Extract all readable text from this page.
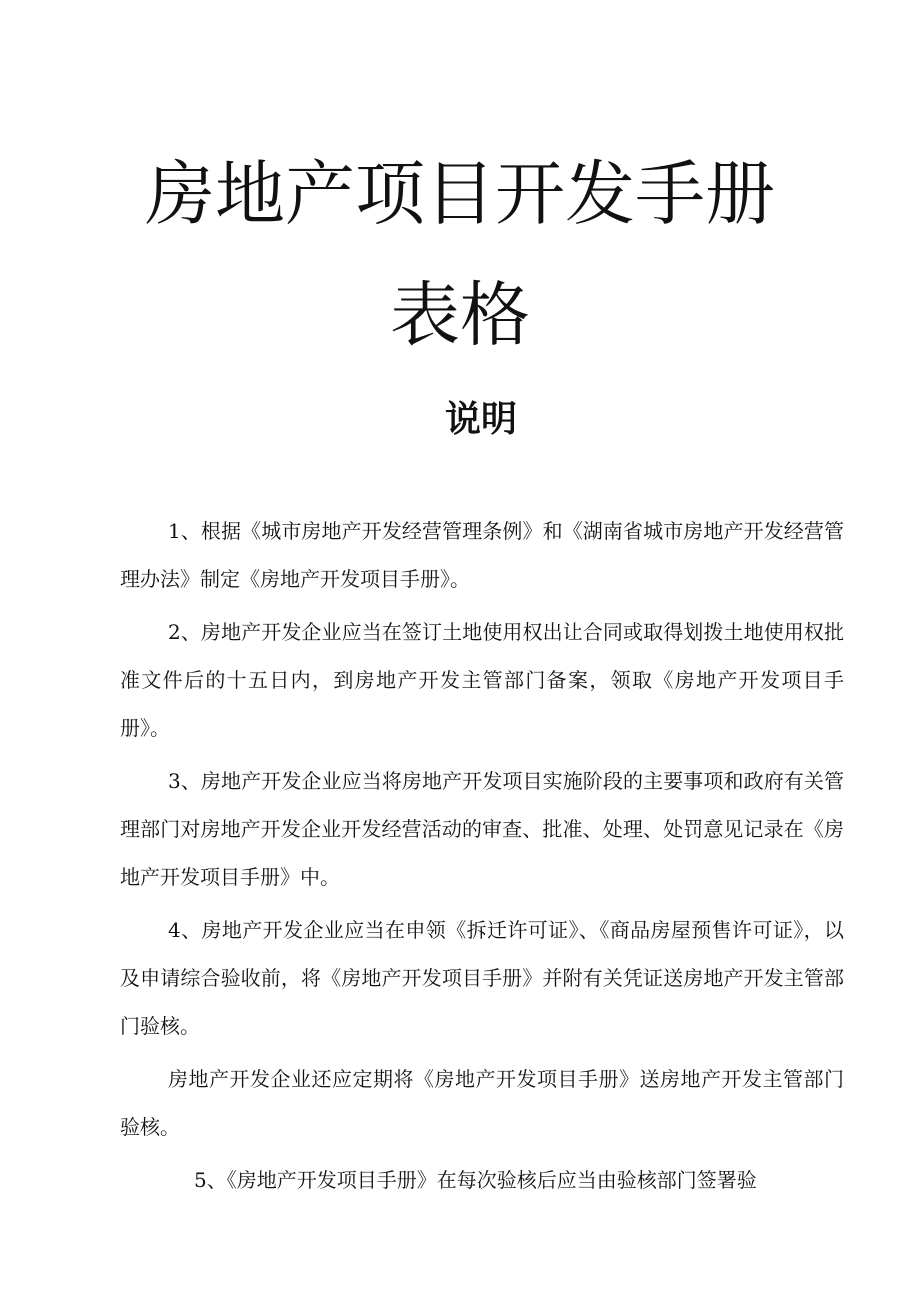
房地产项目开发手册
表格
说明

1、根据《城市房地产开发经营管理条例》和《湖南省城市房地产开发经营管理办法》制定《房地产开发项目手册》。

2、房地产开发企业应当在签订土地使用权出让合同或取得划拨土地使用权批准文件后的十五日内，到房地产开发主管部门备案，领取《房地产开发项目手册》。

3、房地产开发企业应当将房地产开发项目实施阶段的主要事项和政府有关管理部门对房地产开发企业开发经营活动的审查、批准、处理、处罚意见记录在《房地产开发项目手册》中。

4、房地产开发企业应当在申领《拆迁许可证》、《商品房屋预售许可证》，以及申请综合验收前，将《房地产开发项目手册》并附有关凭证送房地产开发主管部门验核。

房地产开发企业还应定期将《房地产开发项目手册》送房地产开发主管部门验核。

5、《房地产开发项目手册》在每次验核后应当由验核部门签署验
